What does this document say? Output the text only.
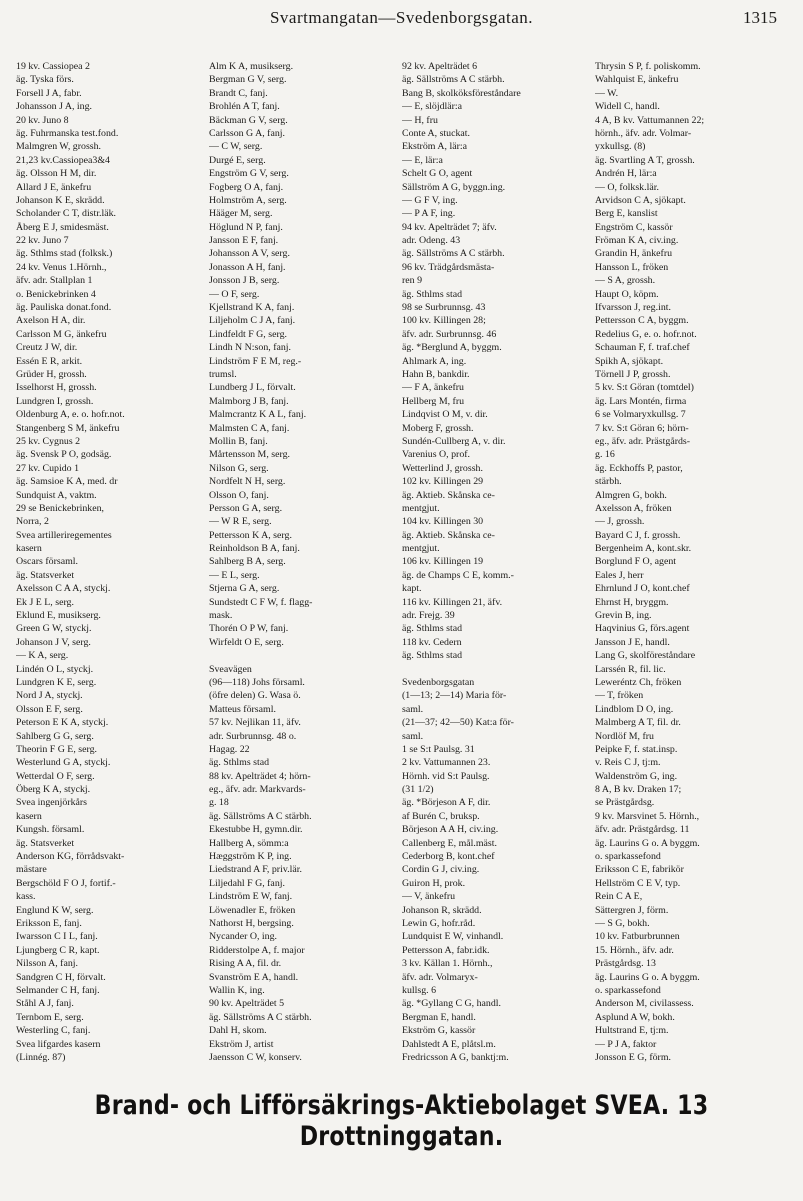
Svartmangatan—Svedenborgsgatan.	1315
19 kv. Cassiopea 2
äg. Tyska förs.
Forsell J A, fabr.
Johansson J A, ing.
20 kv. Juno 8
äg. Fuhrmanska test.fond.
Malmgren W, grossh.
21,23 kv.Cassiopea3&4
äg. Olsson H M, dir.
Allard J E, änkefru
Johanson K E, skrädd.
Scholander C T, distr.läk.
Åberg E J, smidesmäst.
22 kv. Juno 7
äg. Sthlms stad (folksk.)
24 kv. Venus 1.Hörnh.,
äfv. adr. Stallplan 1
o. Benickebrinken 4
äg. Pauliska donat.fond.
Axelson H A, dir.
Carlsson M G, änkefru
Creutz J W, dir.
Essén E R, arkit.
Grüder H, grossh.
Isselhorst H, grossh.
Lundgren I, grossh.
Oldenburg A, e. o. hofr.not.
Stangenberg S M, änkefru
25 kv. Cygnus 2
äg. Svensk P O, godsäg.
27 kv. Cupido 1
äg. Samsioe K A, med. dr
Sundquist A, vaktm.
29 se Benickebrinken,
Norra, 2
Svea artilleriregementes
kasern
Oscars församl.
äg. Statsverket
Axelsson C A A, styckj.
Ek J E L, serg.
Eklund E, musikserg.
Green G W, styckj.
Johanson J V, serg.
— K A, serg.
Lindén O L, styckj.
Lundgren K E, serg.
Nord J A, styckj.
Olsson E F, serg.
Peterson E K A, styckj.
Sahlberg G G, serg.
Theorin F G E, serg.
Westerlund G A, styckj.
Wetterdal O F, serg.
Öberg K A, styckj.
Svea ingenjörkårs
kasern
Kungsh. församl.
äg. Statsverket
Anderson KG, förrådsvakt-
mästare
Bergschöld F O J, fortif.-
kass.
Englund K W, serg.
Eriksson E, fanj.
Iwarsson C I L, fanj.
Ljungberg C R, kapt.
Nilsson A, fanj.
Sandgren C H, förvalt.
Selmander C H, fanj.
Ståhl A J, fanj.
Ternbom E, serg.
Westerling C, fanj.
Svea lifgardes kasern
(Linnég. 87)
Alm K A, musikserg.
Bergman G V, serg.
Brandt C, fanj.
Brohlén A T, fanj.
Bäckman G V, serg.
Carlsson G A, fanj.
— C W, serg.
Durgé E, serg.
Engström G V, serg.
Fogberg O A, fanj.
Holmström A, serg.
Hääger M, serg.
Höglund N P, fanj.
Jansson E F, fanj.
Johansson A V, serg.
Jonasson A H, fanj.
Jonsson J B, serg.
— O F, serg.
Kjellstrand K A, fanj.
Liljeholm C J A, fanj.
Lindfeldt F G, serg.
Lindh N N:son, fanj.
Lindström F E M, reg.-
trumsl.
Lundberg J L, förvalt.
Malmborg J B, fanj.
Malmcrantz K A L, fanj.
Malmsten C A, fanj.
Mollin B, fanj.
Mårtensson M, serg.
Nilson G, serg.
Nordfelt N H, serg.
Olsson O, fanj.
Persson G A, serg.
— W R E, serg.
Pettersson K A, serg.
Reinholdson B A, fanj.
Sahlberg B A, serg.
— E L, serg.
Stjerna G A, serg.
Sundstedt C F W, f. flagg-
mask.
Thorén O P W, fanj.
Wirfeldt O E, serg.
Sveavägen
(96—118) Johs församl.
(öfre delen) G. Wasa ö.
Matteus församl.
57 kv. Nejlikan 11, äfv.
adr. Surbrunnsg. 48 o.
Hagag. 22
äg. Sthlms stad
88 kv. Apelträdet 4; hörn-
eg., äfv. adr. Markvards-
g. 18
äg. Sällströms A C stärbh.
Ekestubbe H, gymn.dir.
Hallberg A, sömm:a
Hæggström K P, ing.
Liedstrand A F, priv.lär.
Liljedahl F G, fanj.
Lindström E W, fanj.
Löwenadler E, fröken
Nathorst H, bergsing.
Nycander O, ing.
Ridderstolpe A, f. major
Rising A A, fil. dr.
Svanström E A, handl.
Wallin K, ing.
90 kv. Apelträdet 5
äg. Sällströms A C stärbh.
Dahl H, skom.
Ekström J, artist
Jaensson C W, konserv.
92 kv. Apelträdet 6
äg. Sällströms A C stärbh.
Bang B, skolköksföreståndare
— E, slöjdlär:a
— H, fru
Conte A, stuckat.
Ekström A, lär:a
— E, lär:a
Schelt G O, agent
Sällström A G, byggn.ing.
— G F V, ing.
— P A F, ing.
94 kv. Apelträdet 7; äfv.
adr. Odeng. 43
äg. Sällströms A C stärbh.
96 kv. Trädgårdsmästa-
ren 9
äg. Sthlms stad
98 se Surbrunnsg. 43
100 kv. Killingen 28;
äfv. adr. Surbrunnsg. 46
äg. *Berglund A, byggm.
Ahlmark A, ing.
Hahn B, bankdir.
— F A, änkefru
Hellberg M, fru
Lindqvist O M, v. dir.
Moberg F, grossh.
Sundén-Cullberg A, v. dir.
Varenius O, prof.
Wetterlind J, grossh.
102 kv. Killingen 29
äg. Aktieb. Skånska ce-
mentgjut.
104 kv. Killingen 30
äg. Aktieb. Skånska ce-
mentgjut.
106 kv. Killingen 19
äg. de Champs C E, komm.-
kapt.
116 kv. Killingen 21, äfv.
adr. Frejg. 39
äg. Sthlms stad
118 kv. Cedern
äg. Sthlms stad
Svedenborgsgatan
(1—13; 2—14) Maria för-
saml.
(21—37; 42—50) Kat:a för-
saml.
1 se S:t Paulsg. 31
2 kv. Vattumannen 23.
Hörnh. vid S:t Paulsg.
(31 1/2)
äg. *Börjeson A F, dir.
af Burén C, bruksp.
Börjeson A A H, civ.ing.
Callenberg E, mål.mäst.
Cederborg B, kont.chef
Cordin G J, civ.ing.
Guiron H, prok.
— V, änkefru
Johanson R, skrädd.
Lewin G, hofr.råd.
Lundquist E W, vinhandl.
Pettersson A, fabr.idk.
3 kv. Källan 1. Hörnh.,
äfv. adr. Volmaryx-
kullsg. 6
äg. *Gyllang C G, handl.
Bergman E, handl.
Ekström G, kassör
Dahlstedt A E, plåtsl.m.
Fredricsson A G, banktj:m.
Thrysin S P, f. poliskomm.
Wahlquist E, änkefru
— W.
Widell C, handl.
4 A, B kv. Vattumannen 22;
hörnh., äfv. adr. Volmar-
yxkullsg. (8)
äg. Svartling A T, grossh.
Andrén H, lär:a
— O, folksk.lär.
Arvidson C A, sjökapt.
Berg E, kanslist
Engström C, kassör
Fröman K A, civ.ing.
Grandin H, änkefru
Hansson L, fröken
— S A, grossh.
Haupt O, köpm.
Ifvarsson J, reg.int.
Pettersson C A, byggm.
Redelius G, e. o. hofr.not.
Schauman F, f. traf.chef
Spikh A, sjökapt.
Törnell J P, grossh.
5 kv. S:t Göran (tomtdel)
äg. Lars Montén, firma
6 se Volmaryxkullsg. 7
7 kv. S:t Göran 6; hörn-
eg., äfv. adr. Prästgårds-
g. 16
äg. Eckhoffs P, pastor,
stärbh.
Almgren G, bokh.
Axelsson A, fröken
— J, grossh.
Bayard C J, f. grossh.
Bergenheim A, kont.skr.
Borglund F O, agent
Eales J, herr
Ehrnlund J O, kont.chef
Ehrnst H, bryggm.
Grevin B, ing.
Haqvinius G, förs.agent
Jansson J E, handl.
Lang G, skolföreståndare
Larssén R, fil. lic.
Leweréntz Ch, fröken
— T, fröken
Lindblom D O, ing.
Malmberg A T, fil. dr.
Nordlöf M, fru
Peipke F, f. stat.insp.
v. Reis C J, tj:m.
Waldenström G, ing.
8 A, B kv. Draken 17;
se Prästgårdsg.
9 kv. Marsvinet 5. Hörnh.,
äfv. adr. Prästgårdsg. 11
äg. Laurins G o. A byggm.
o. sparkassefond
Eriksson C E, fabrikör
Hellström C E V, typ.
Rein C A E,
Sättergren J, förm.
— S G, bokh.
10 kv. Fatburbrunnen
15. Hörnh., äfv. adr.
Prästgårdsg. 13
äg. Laurins G o. A byggm.
o. sparkassefond
Anderson M, civilassess.
Asplund A W, bokh.
Hultstrand E, tj:m.
— P J A, faktor
Jonsson E G, förm.
Brand- och Lifförsäkrings-Aktiebolaget SVEA. 13 Drottninggatan.
